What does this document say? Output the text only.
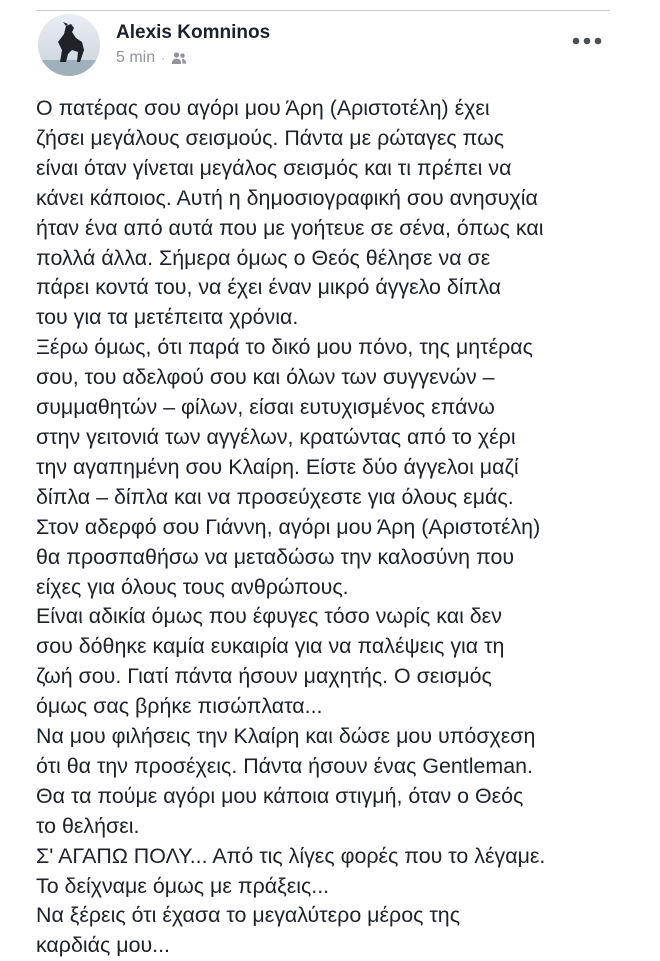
Alexis Komninos
5 min ·
Ο πατέρας σου αγόρι μου Άρη (Αριστοτέλη) έχει
ζήσει μεγάλους σεισμούς. Πάντα με ρώταγες πως
είναι όταν γίνεται μεγάλος σεισμός και τι πρέπει να
κάνει κάποιος. Αυτή η δημοσιογραφική σου ανησυχία
ήταν ένα από αυτά που με γοήτευε σε σένα, όπως και
πολλά άλλα. Σήμερα όμως ο Θεός θέλησε να σε
πάρει κοντά του, να έχει έναν μικρό άγγελο δίπλα
του για τα μετέπειτα χρόνια.
Ξέρω όμως, ότι παρά το δικό μου πόνο, της μητέρας
σου, του αδελφού σου και όλων των συγγενών –
συμμαθητών – φίλων, είσαι ευτυχισμένος επάνω
στην γειτονιά των αγγέλων, κρατώντας από το χέρι
την αγαπημένη σου Κλαίρη. Είστε δύο άγγελοι μαζί
δίπλα – δίπλα και να προσεύχεστε για όλους εμάς.
Στον αδερφό σου Γιάννη, αγόρι μου Άρη (Αριστοτέλη)
θα προσπαθήσω να μεταδώσω την καλοσύνη που
είχες για όλους τους ανθρώπους.
Είναι αδικία όμως που έφυγες τόσο νωρίς και δεν
σου δόθηκε καμία ευκαιρία για να παλέψεις για τη
ζωή σου. Γιατί πάντα ήσουν μαχητής. Ο σεισμός
όμως σας βρήκε πισώπλατα...
Να μου φιλήσεις την Κλαίρη και δώσε μου υπόσχεση
ότι θα την προσέχεις. Πάντα ήσουν ένας Gentleman.
Θα τα πούμε αγόρι μου κάποια στιγμή, όταν ο Θεός
το θελήσει.
Σ' ΑΓΑΠΩ ΠΟΛΥ... Από τις λίγες φορές που το λέγαμε.
Το δείχναμε όμως με πράξεις...
Να ξέρεις ότι έχασα το μεγαλύτερο μέρος της
καρδιάς μου...
